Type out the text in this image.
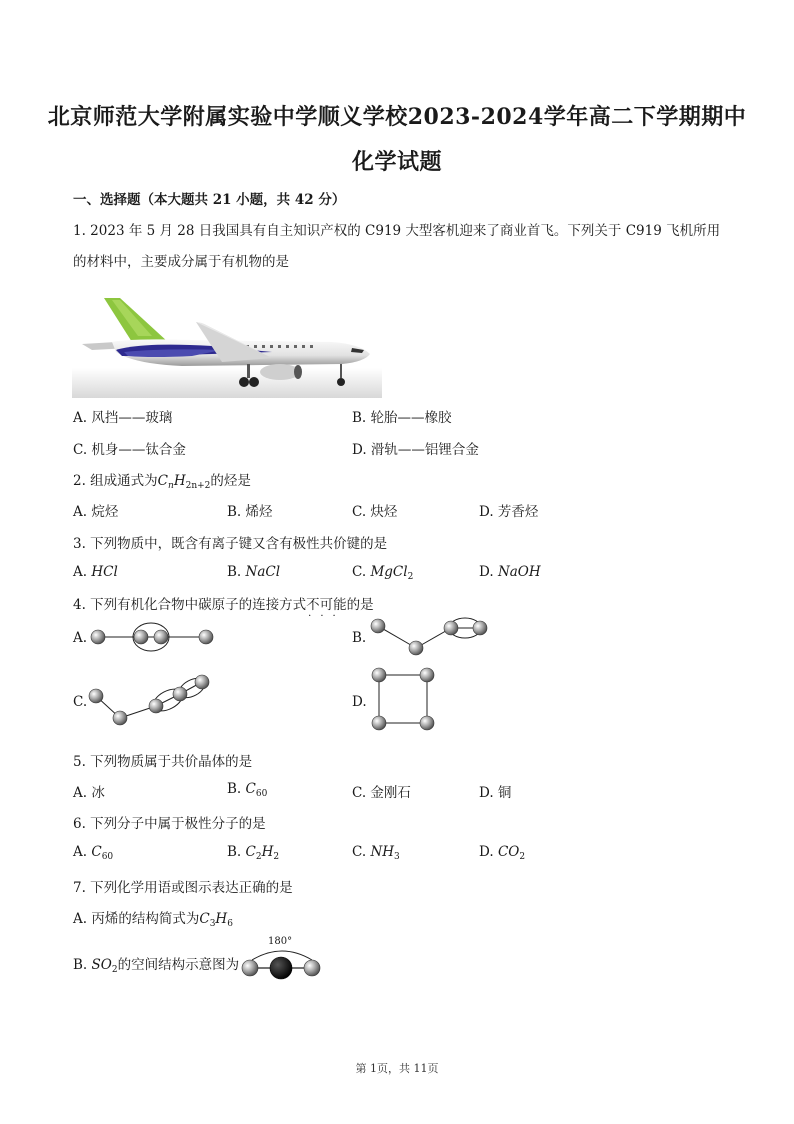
北京师范大学附属实验中学顺义学校2023-2024学年高二下学期期中
化学试题
一、选择题（本大题共 21 小题，共 42 分）
1. 2023 年 5 月 28 日我国具有自主知识产权的 C919 大型客机迎来了商业首飞。下列关于 C919 飞机所用
的材料中，主要成分属于有机物的是
A. 风挡——玻璃	B. 轮胎——橡胶
C. 机身——钛合金	D. 滑轨——铝锂合金
2. 组成通式为$C_nH_{2n+2}$的烃是
A. 烷烃	B. 烯烃	C. 炔烃	D. 芳香烃
3. 下列物质中，既含有离子键又含有极性共价键的是
A. HCl	B. NaCl	C. MgCl$_2$	D. NaOH
4. 下列有机化合物中碳原子的连接方式不可能
···
的是
A.	B.
C.	D.
5. 下列物质属于共价晶体的是
A. 冰	B. $C_{60}$	C. 金刚石	D. 铜
6. 下列分子中属于极性分子的是
A. $C_{60}$	B. $C_2H_2$	C. $NH_3$	D. $CO_2$
7. 下列化学用语或图示表达正确的是
A. 丙烯的结构简式为$C_3H_6$
B. $SO_2$的空间结构示意图为
180°
第 1页，共 11页
